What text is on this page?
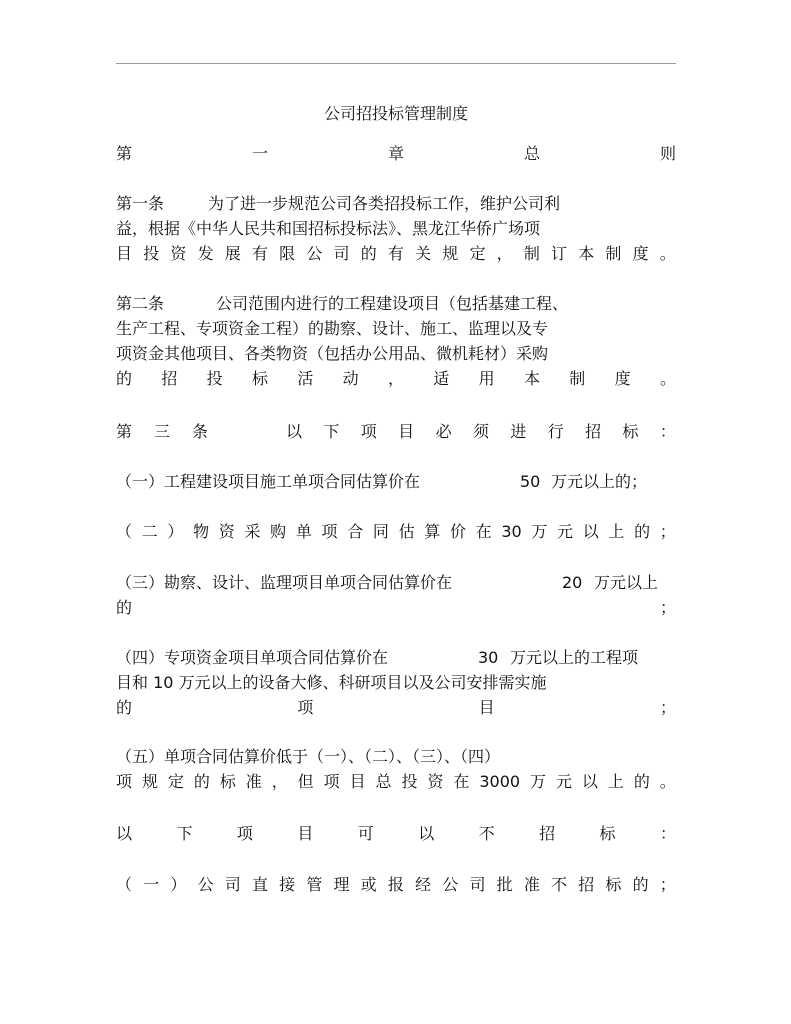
公司招投标管理制度
第	一	章	总	则
第一条	为了进一步规范公司各类招投标工作，维护公司利
益，根据《中华人民共和国招标投标法》、黑龙江华侨广场项
目 投 资 发 展 有 限 公 司 的 有 关 规 定 ， 制 订 本 制 度 。
第二条	公司范围内进行的工程建设项目（包括基建工程、
生产工程、专项资金工程）的勘察、设计、施工、监理以及专
项资金其他项目、各类物资（包括办公用品、微机耗材）采购
的 招 投 标 活 动 ， 适 用 本 制 度 。
第 三 条	以 下 项 目 必 须 进 行 招 标 ：
（一）工程建设项目施工单项合同估算价在	50 万元以上的；
（ 二 ） 物 资 采 购 单 项 合 同 估 算 价 在 30 万 元 以 上 的 ；
（三）勘察、设计、监理项目单项合同估算价在	20 万元以上
的	；
（四）专项资金项目单项合同估算价在	30 万元以上的工程项
目和 10 万元以上的设备大修、科研项目以及公司安排需实施
的	项	目	；
（五）单项合同估算价低于（一）、（二）、（三）、（四）
项 规 定 的 标 准 ， 但 项 目 总 投 资 在 3000 万 元 以 上 的 。
以	下	项	目	可	以	不	招	标	：
（ 一 ） 公 司 直 接 管 理 或 报 经 公 司 批 准 不 招 标 的 ；
